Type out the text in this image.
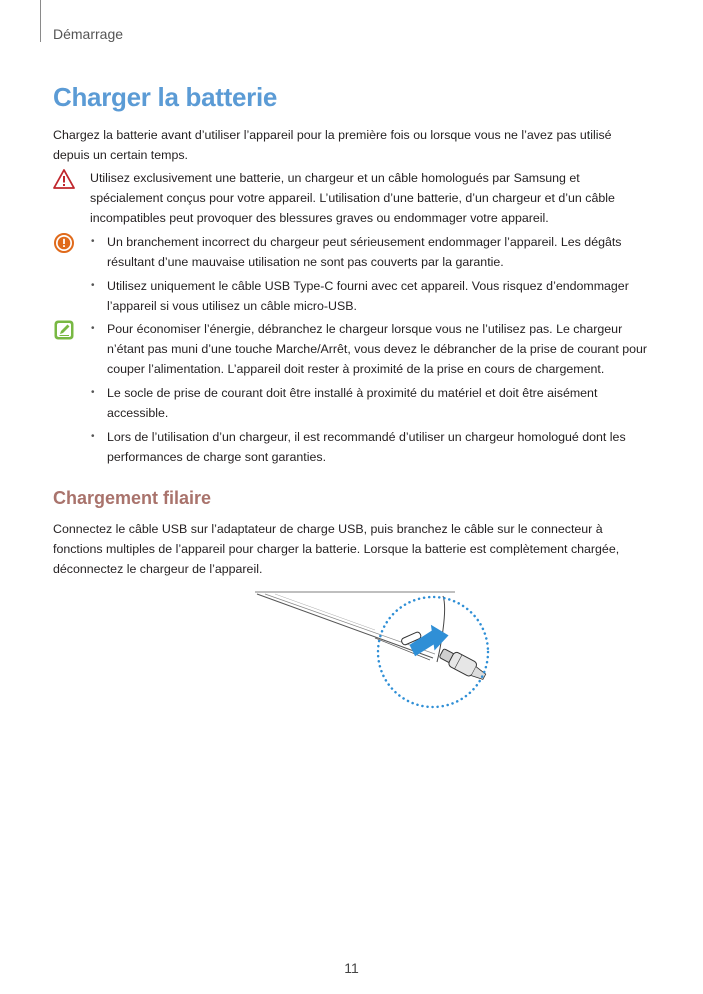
Démarrage
Charger la batterie

Chargez la batterie avant d’utiliser l’appareil pour la première fois ou lorsque vous ne l’avez pas utilisé depuis un certain temps.

Utilisez exclusivement une batterie, un chargeur et un câble homologués par Samsung et spécialement conçus pour votre appareil. L’utilisation d’une batterie, d’un chargeur et d’un câble incompatibles peut provoquer des blessures graves ou endommager votre appareil.
• Un branchement incorrect du chargeur peut sérieusement endommager l’appareil. Les dégâts résultant d’une mauvaise utilisation ne sont pas couverts par la garantie.
• Utilisez uniquement le câble USB Type-C fourni avec cet appareil. Vous risquez d’endommager l’appareil si vous utilisez un câble micro-USB.
• Pour économiser l’énergie, débranchez le chargeur lorsque vous ne l’utilisez pas. Le chargeur n’étant pas muni d’une touche Marche/Arrêt, vous devez le débrancher de la prise de courant pour couper l’alimentation. L’appareil doit rester à proximité de la prise en cours de chargement.
• Le socle de prise de courant doit être installé à proximité du matériel et doit être aisément accessible.
• Lors de l’utilisation d’un chargeur, il est recommandé d’utiliser un chargeur homologué dont les performances de charge sont garanties.
Chargement filaire

Connectez le câble USB sur l’adaptateur de charge USB, puis branchez le câble sur le connecteur à fonctions multiples de l’appareil pour charger la batterie. Lorsque la batterie est complètement chargée, déconnectez le chargeur de l’appareil.

11
